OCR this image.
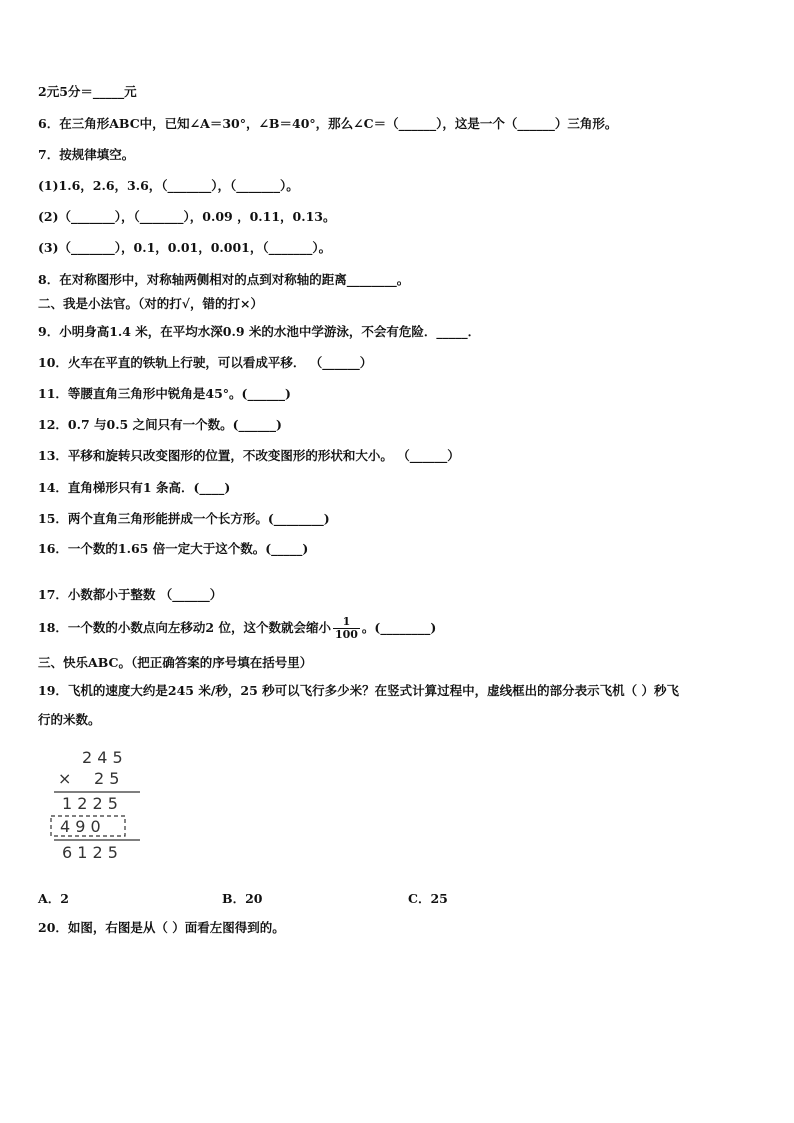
2元5分＝_____元
6．在三角形ABC中，已知∠A＝30°，∠B＝40°，那么∠C＝（______），这是一个（______）三角形。
7．按规律填空。
(1)1.6，2.6，3.6，（_______），（_______）。
(2)（_______），（_______），0.09 ，0.11，0.13。
(3)（_______），0.1，0.01，0.001，（_______）。
8．在对称图形中，对称轴两侧相对的点到对称轴的距离________。
二、我是小法官。（对的打√，错的打×）
9．小明身高1.4 米，在平均水深0.9 米的水池中学游泳，不会有危险．_____．
10．火车在平直的铁轨上行驶，可以看成平移． （______）
11．等腰直角三角形中锐角是45°。(______)
12．0.7 与0.5 之间只有一个数。(______)
13．平移和旋转只改变图形的位置，不改变图形的形状和大小。 （______）
14．直角梯形只有1 条高．(____)
15．两个直角三角形能拼成一个长方形。(________)
16．一个数的1.65 倍一定大于这个数。(_____)
17．小数都小于整数 （______）
18．一个数的小数点向左移动2 位，这个数就会缩小 $\frac{1}{100}$ 。(________)
三、快乐ABC。（把正确答案的序号填在括号里）
19．飞机的速度大约是245 米/秒，25 秒可以飞行多少米？在竖式计算过程中，虚线框出的部分表示飞机（ ）秒飞
行的米数。
2 4 5
× 2 5
1 2 2 5
4 9 0
6 1 2 5
A．2	B．20	C．25
20．如图，右图是从（ ）面看左图得到的。
